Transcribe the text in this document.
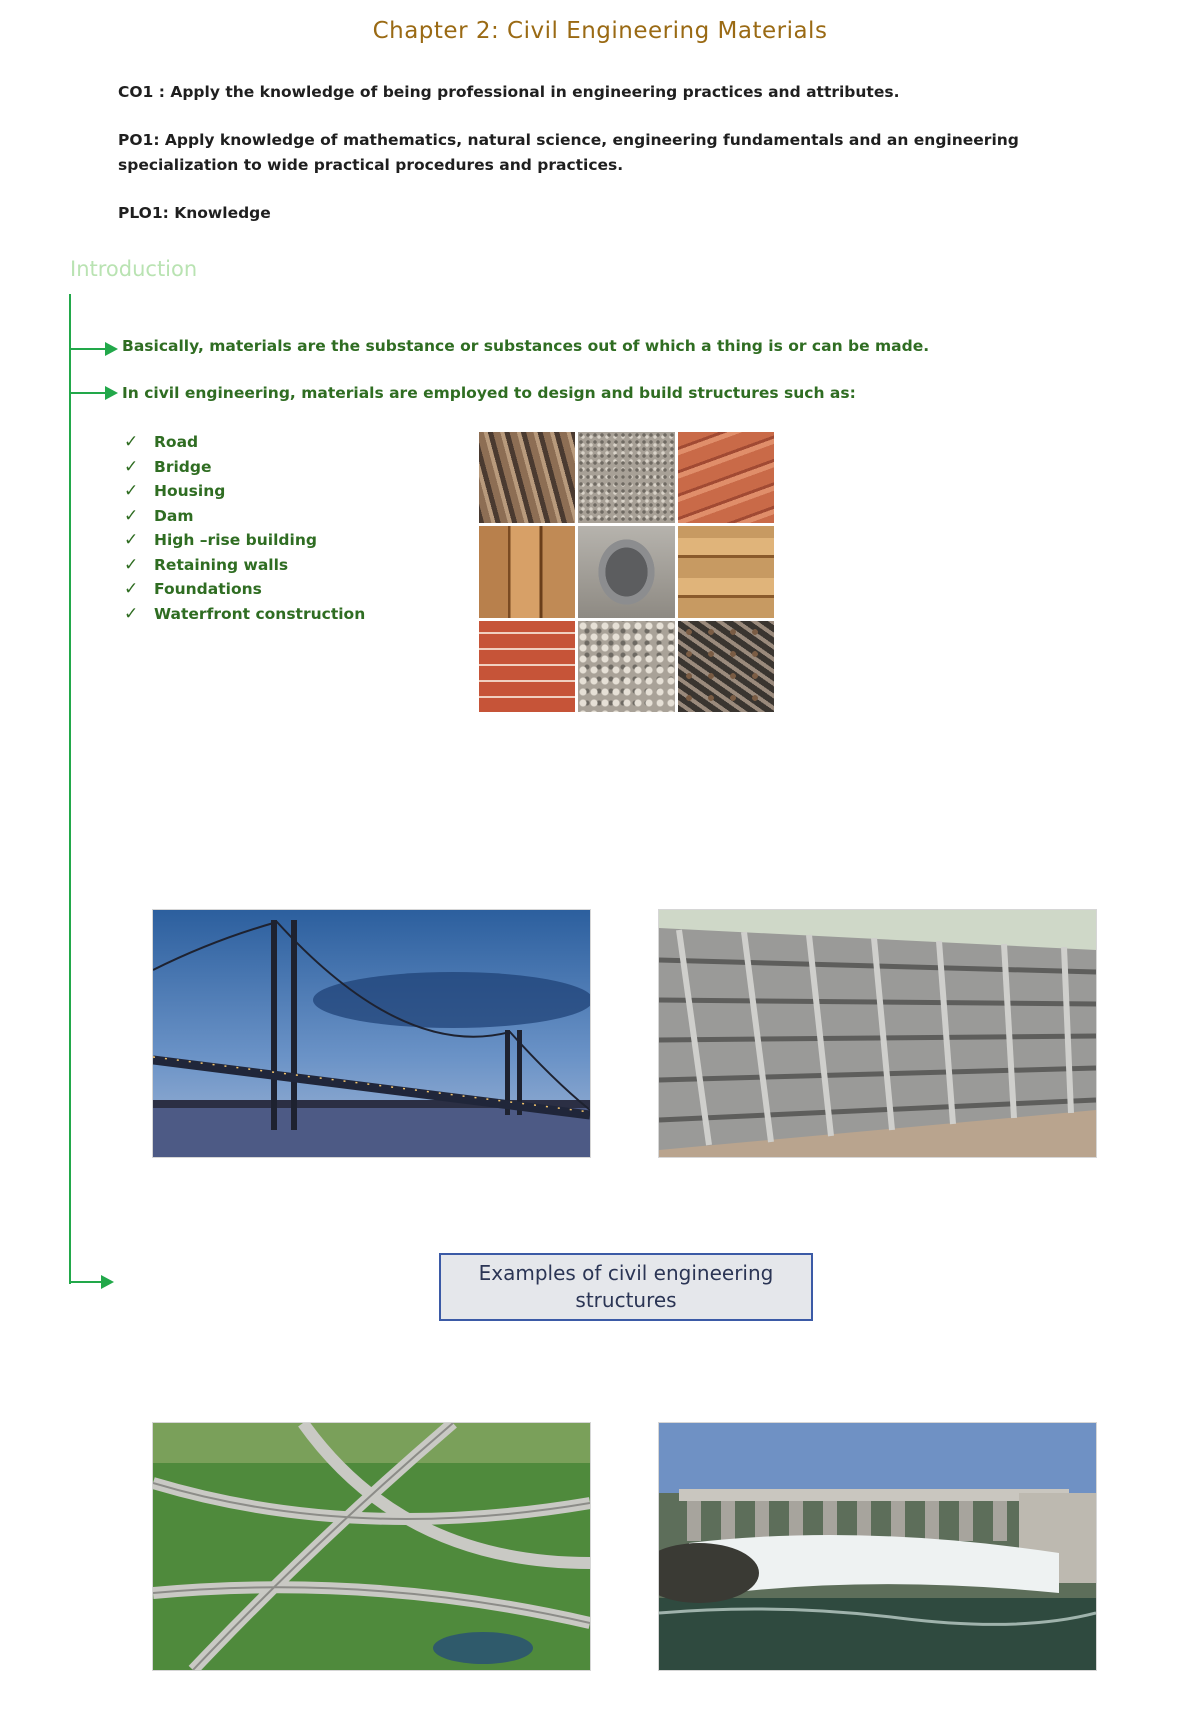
Chapter 2: Civil Engineering Materials
CO1 : Apply the knowledge of being professional in engineering practices and attributes.
PO1: Apply knowledge of mathematics, natural science, engineering fundamentals and an engineering specialization to wide practical procedures and practices.
PLO1: Knowledge
Introduction
Basically, materials are the substance or substances out of which a thing is or can be made.
In civil engineering, materials are employed to design and build structures such as:
✓	Road
✓	Bridge
✓	Housing
✓	Dam
✓	High –rise building
✓	Retaining walls
✓	Foundations
✓	Waterfront construction
Examples of civil engineering structures
